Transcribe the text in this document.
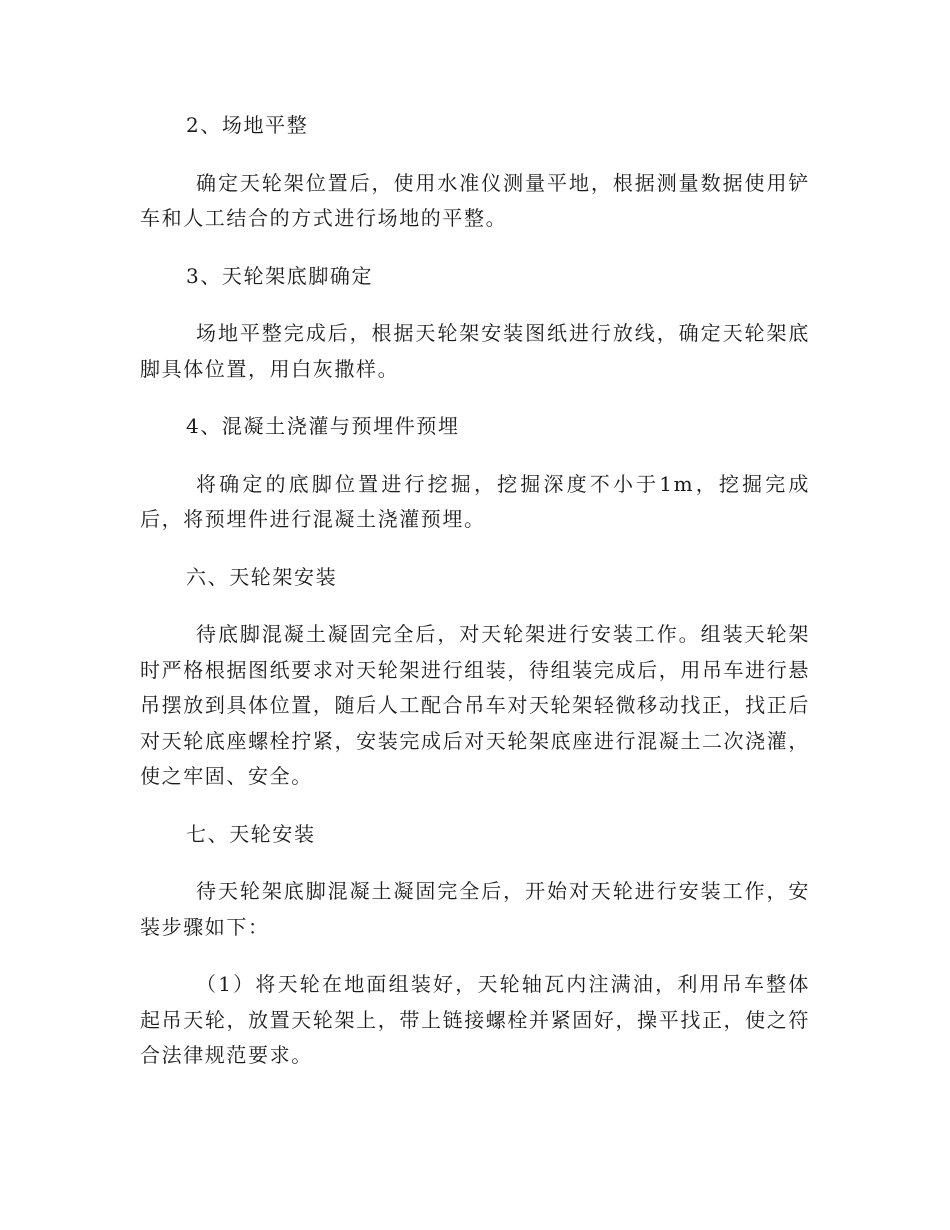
2、场地平整

确定天轮架位置后，使用水准仪测量平地，根据测量数据使用铲车和人工结合的方式进行场地的平整。

3、天轮架底脚确定

场地平整完成后，根据天轮架安装图纸进行放线，确定天轮架底脚具体位置，用白灰撒样。

4、混凝土浇灌与预埋件预埋

将确定的底脚位置进行挖掘，挖掘深度不小于1m，挖掘完成后，将预埋件进行混凝土浇灌预埋。

六、天轮架安装

待底脚混凝土凝固完全后，对天轮架进行安装工作。组装天轮架时严格根据图纸要求对天轮架进行组装，待组装完成后，用吊车进行悬吊摆放到具体位置，随后人工配合吊车对天轮架轻微移动找正，找正后对天轮底座螺栓拧紧，安装完成后对天轮架底座进行混凝土二次浇灌，使之牢固、安全。

七、天轮安装

待天轮架底脚混凝土凝固完全后，开始对天轮进行安装工作，安装步骤如下：

（1）将天轮在地面组装好，天轮轴瓦内注满油，利用吊车整体起吊天轮，放置天轮架上，带上链接螺栓并紧固好，操平找正，使之符合法律规范要求。
